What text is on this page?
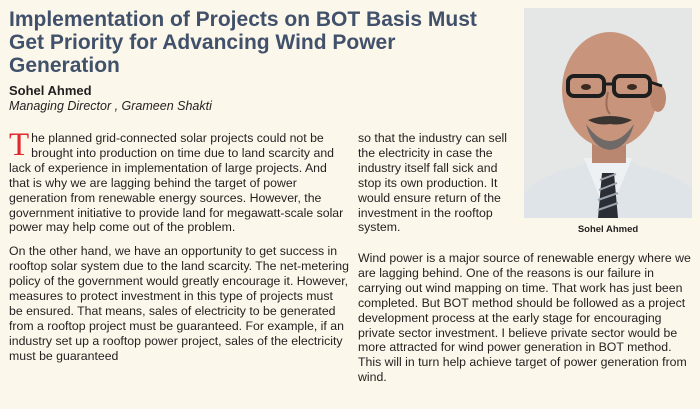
Implementation of Projects on BOT Basis Must Get Priority for Advancing Wind Power Generation
Sohel Ahmed
Managing Director , Grameen Shakti
Sohel Ahmed

The planned grid-connected solar projects could not be brought into production on time due to land scarcity and lack of experience in implementation of large projects. And that is why we are lagging behind the target of power generation from renewable energy sources. However, the government initiative to provide land for megawatt-scale solar power may help come out of the problem.

On the other hand, we have an opportunity to get success in rooftop solar system due to the land scarcity. The net-metering policy of the government would greatly encourage it. However, measures to protect investment in this type of projects must be ensured. That means, sales of electricity to be generated from a rooftop project must be guaranteed. For example, if an industry set up a rooftop power project, sales of the electricity must be guaranteed

so that the industry can sell the electricity in case the industry itself fall sick and stop its own production. It would ensure return of the investment in the rooftop system.

Wind power is a major source of renewable energy where we are lagging behind. One of the reasons is our failure in carrying out wind mapping on time. That work has just been completed. But BOT method should be followed as a project development process at the early stage for encouraging private sector investment. I believe private sector would be more attracted for wind power generation in BOT method. This will in turn help achieve target of power generation from wind.
